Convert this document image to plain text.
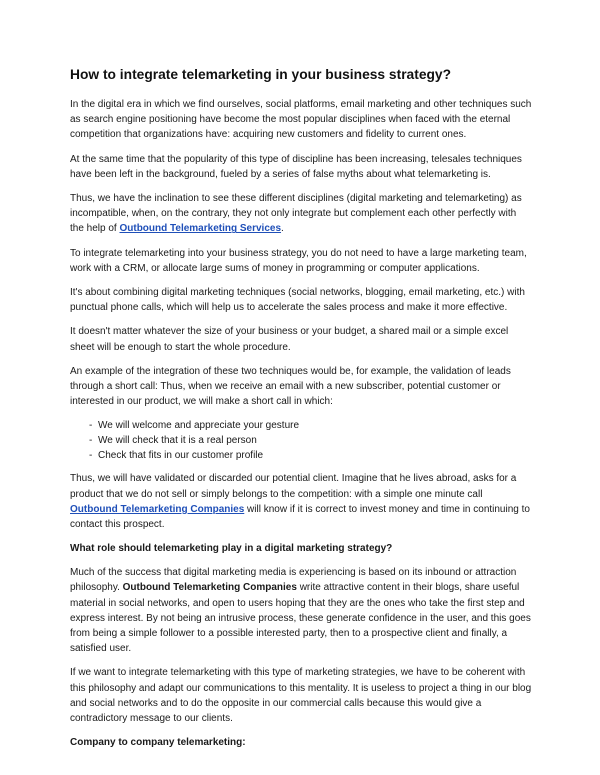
How to integrate telemarketing in your business strategy?

In the digital era in which we find ourselves, social platforms, email marketing and other techniques such as search engine positioning have become the most popular disciplines when faced with the eternal competition that organizations have: acquiring new customers and fidelity to current ones.

At the same time that the popularity of this type of discipline has been increasing, telesales techniques have been left in the background, fueled by a series of false myths about what telemarketing is.

Thus, we have the inclination to see these different disciplines (digital marketing and telemarketing) as incompatible, when, on the contrary, they not only integrate but complement each other perfectly with the help of Outbound Telemarketing Services.

To integrate telemarketing into your business strategy, you do not need to have a large marketing team, work with a CRM, or allocate large sums of money in programming or computer applications.

It's about combining digital marketing techniques (social networks, blogging, email marketing, etc.) with punctual phone calls, which will help us to accelerate the sales process and make it more effective.

It doesn't matter whatever the size of your business or your budget, a shared mail or a simple excel sheet will be enough to start the whole procedure.

An example of the integration of these two techniques would be, for example, the validation of leads through a short call: Thus, when we receive an email with a new subscriber, potential customer or interested in our product, we will make a short call in which:

- We will welcome and appreciate your gesture
- We will check that it is a real person
- Check that fits in our customer profile

Thus, we will have validated or discarded our potential client. Imagine that he lives abroad, asks for a product that we do not sell or simply belongs to the competition: with a simple one minute call Outbound Telemarketing Companies will know if it is correct to invest money and time in continuing to contact this prospect.

What role should telemarketing play in a digital marketing strategy?

Much of the success that digital marketing media is experiencing is based on its inbound or attraction philosophy. Outbound Telemarketing Companies write attractive content in their blogs, share useful material in social networks, and open to users hoping that they are the ones who take the first step and express interest. By not being an intrusive process, these generate confidence in the user, and this goes from being a simple follower to a possible interested party, then to a prospective client and finally, a satisfied user.

If we want to integrate telemarketing with this type of marketing strategies, we have to be coherent with this philosophy and adapt our communications to this mentality. It is useless to project a thing in our blog and social networks and to do the opposite in our commercial calls because this would give a contradictory message to our clients.

Company to company telemarketing:
